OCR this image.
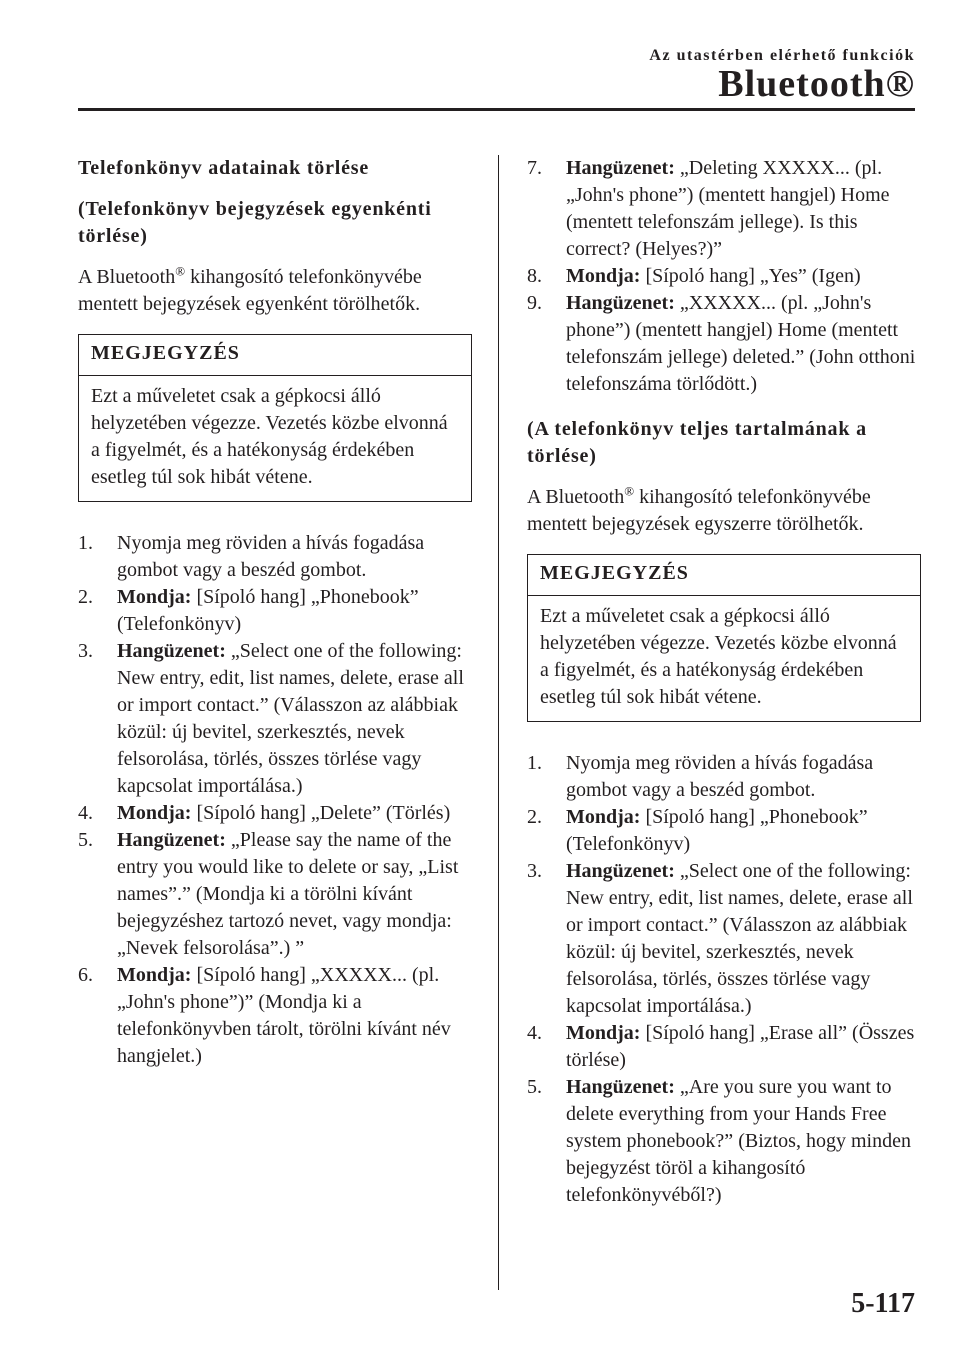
Az utastérben elérhető funkciók
Bluetooth®

Telefonkönyv adatainak törlése

(Telefonkönyv bejegyzések egyenkénti törlése)

A Bluetooth® kihangosító telefonkönyvébe mentett bejegyzések egyenként törölhetők.

MEGJEGYZÉS
Ezt a műveletet csak a gépkocsi álló helyzetében végezze. Vezetés közbe elvonná a figyelmét, és a hatékonyság érdekében esetleg túl sok hibát vétene.
1. Nyomja meg röviden a hívás fogadása gombot vagy a beszéd gombot.
2. Mondja: [Sípoló hang] „Phonebook” (Telefonkönyv)
3. Hangüzenet: „Select one of the following: New entry, edit, list names, delete, erase all or import contact.” (Válasszon az alábbiak közül: új bevitel, szerkesztés, nevek felsorolása, törlés, összes törlése vagy kapcsolat importálása.)
4. Mondja: [Sípoló hang] „Delete” (Törlés)
5. Hangüzenet: „Please say the name of the entry you would like to delete or say, „List names”.” (Mondja ki a törölni kívánt bejegyzéshez tartozó nevet, vagy mondja: „Nevek felsorolása”.) ”
6. Mondja: [Sípoló hang] „XXXXX... (pl. „John's phone”)” (Mondja ki a telefonkönyvben tárolt, törölni kívánt név hangjelet.)
7. Hangüzenet: „Deleting XXXXX... (pl. „John's phone”) (mentett hangjel) Home (mentett telefonszám jellege). Is this correct? (Helyes?)”
8. Mondja: [Sípoló hang] „Yes” (Igen)
9. Hangüzenet: „XXXXX... (pl. „John's phone”) (mentett hangjel) Home (mentett telefonszám jellege) deleted.” (John otthoni telefonszáma törlődött.)

(A telefonkönyv teljes tartalmának a törlése)

A Bluetooth® kihangosító telefonkönyvébe mentett bejegyzések egyszerre törölhetők.

MEGJEGYZÉS
Ezt a műveletet csak a gépkocsi álló helyzetében végezze. Vezetés közbe elvonná a figyelmét, és a hatékonyság érdekében esetleg túl sok hibát vétene.
1. Nyomja meg röviden a hívás fogadása gombot vagy a beszéd gombot.
2. Mondja: [Sípoló hang] „Phonebook” (Telefonkönyv)
3. Hangüzenet: „Select one of the following: New entry, edit, list names, delete, erase all or import contact.” (Válasszon az alábbiak közül: új bevitel, szerkesztés, nevek felsorolása, törlés, összes törlése vagy kapcsolat importálása.)
4. Mondja: [Sípoló hang] „Erase all” (Összes törlése)
5. Hangüzenet: „Are you sure you want to delete everything from your Hands Free system phonebook?” (Biztos, hogy minden bejegyzést töröl a kihangosító telefonkönyvéből?)
5-117
